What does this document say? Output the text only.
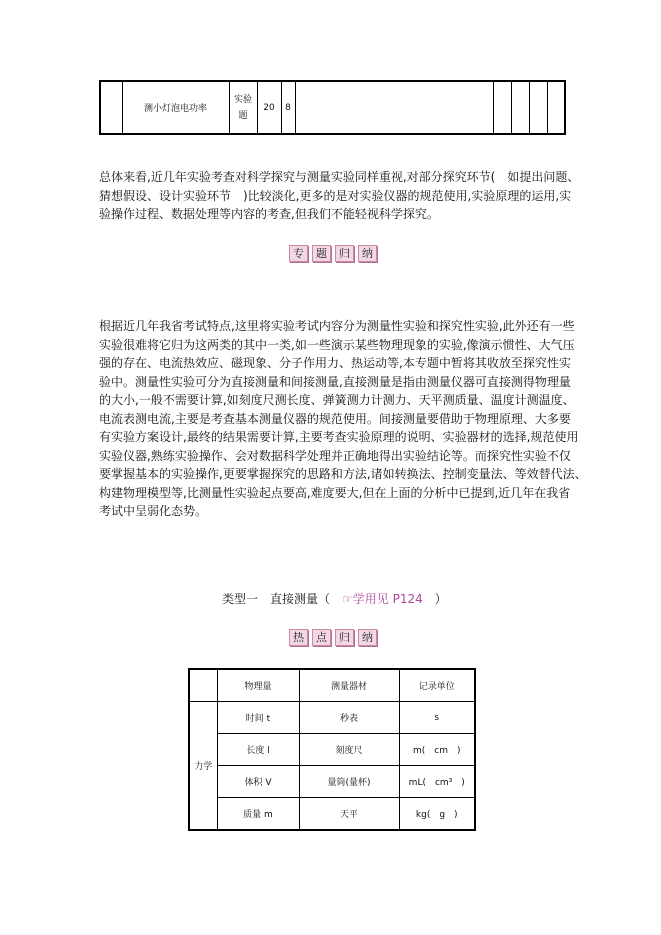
	测小灯泡电功率	实验题	20	8					
总体来看,近几年实验考查对科学探究与测量实验同样重视,对部分探究环节(　如提出问题、
猜想假设、设计实验环节　)比较淡化,更多的是对实验仪器的规范使用,实验原理的运用,实
验操作过程、数据处理等内容的考查,但我们不能轻视科学探究。
专	题	归	纳
根据近几年我省考试特点,这里将实验考试内容分为测量性实验和探究性实验,此外还有一些
实验很难将它归为这两类的其中一类,如一些演示某些物理现象的实验,像演示惯性、大气压
强的存在、电流热效应、磁现象、分子作用力、热运动等,本专题中暂将其收放至探究性实
验中。测量性实验可分为直接测量和间接测量,直接测量是指由测量仪器可直接测得物理量
的大小,一般不需要计算,如刻度尺测长度、弹簧测力计测力、天平测质量、温度计测温度、
电流表测电流,主要是考查基本测量仪器的规范使用。间接测量要借助于物理原理、大多要
有实验方案设计,最终的结果需要计算,主要考查实验原理的说明、实验器材的选择,规范使用
实验仪器,熟练实验操作、会对数据科学处理并正确地得出实验结论等。而探究性实验不仅
要掌握基本的实验操作,更要掌握探究的思路和方法,诸如转换法、控制变量法、等效替代法、
构建物理模型等,比测量性实验起点要高,难度要大,但在上面的分析中已提到,近几年在我省
考试中呈弱化态势。
类型一　直接测量（　☞学用见 P124　）
热	点	归	纳
	物理量	测量器材	记录单位
力学	时间 t	秒表	s
	长度 l	刻度尺	m(　cm　)
	体积 V	量筒(量杯)	mL(　cm³　)
	质量 m	天平	kg(　g　)
